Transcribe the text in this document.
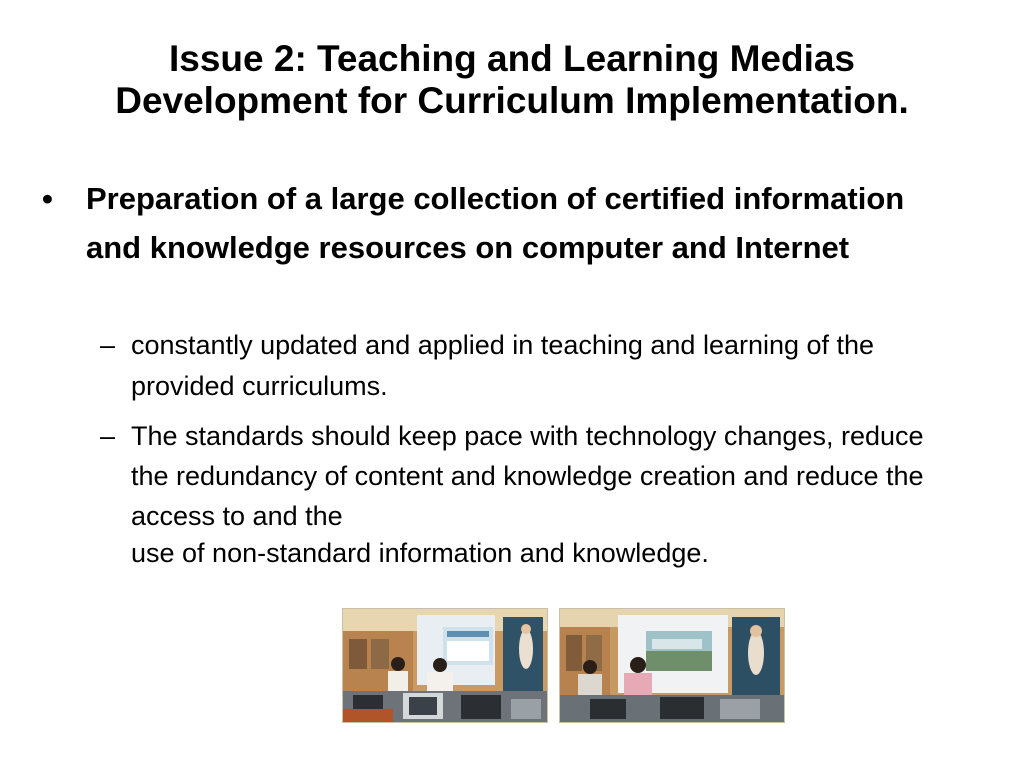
Issue 2: Teaching and Learning Medias
Development for Curriculum Implementation.
•	Preparation of a large collection of certified information and knowledge resources on computer and Internet
– constantly updated and applied in teaching and learning of the provided curriculums.
– The standards should keep pace with technology changes, reduce the redundancy of content and knowledge creation and reduce the access to and the
use of non-standard information and knowledge.
